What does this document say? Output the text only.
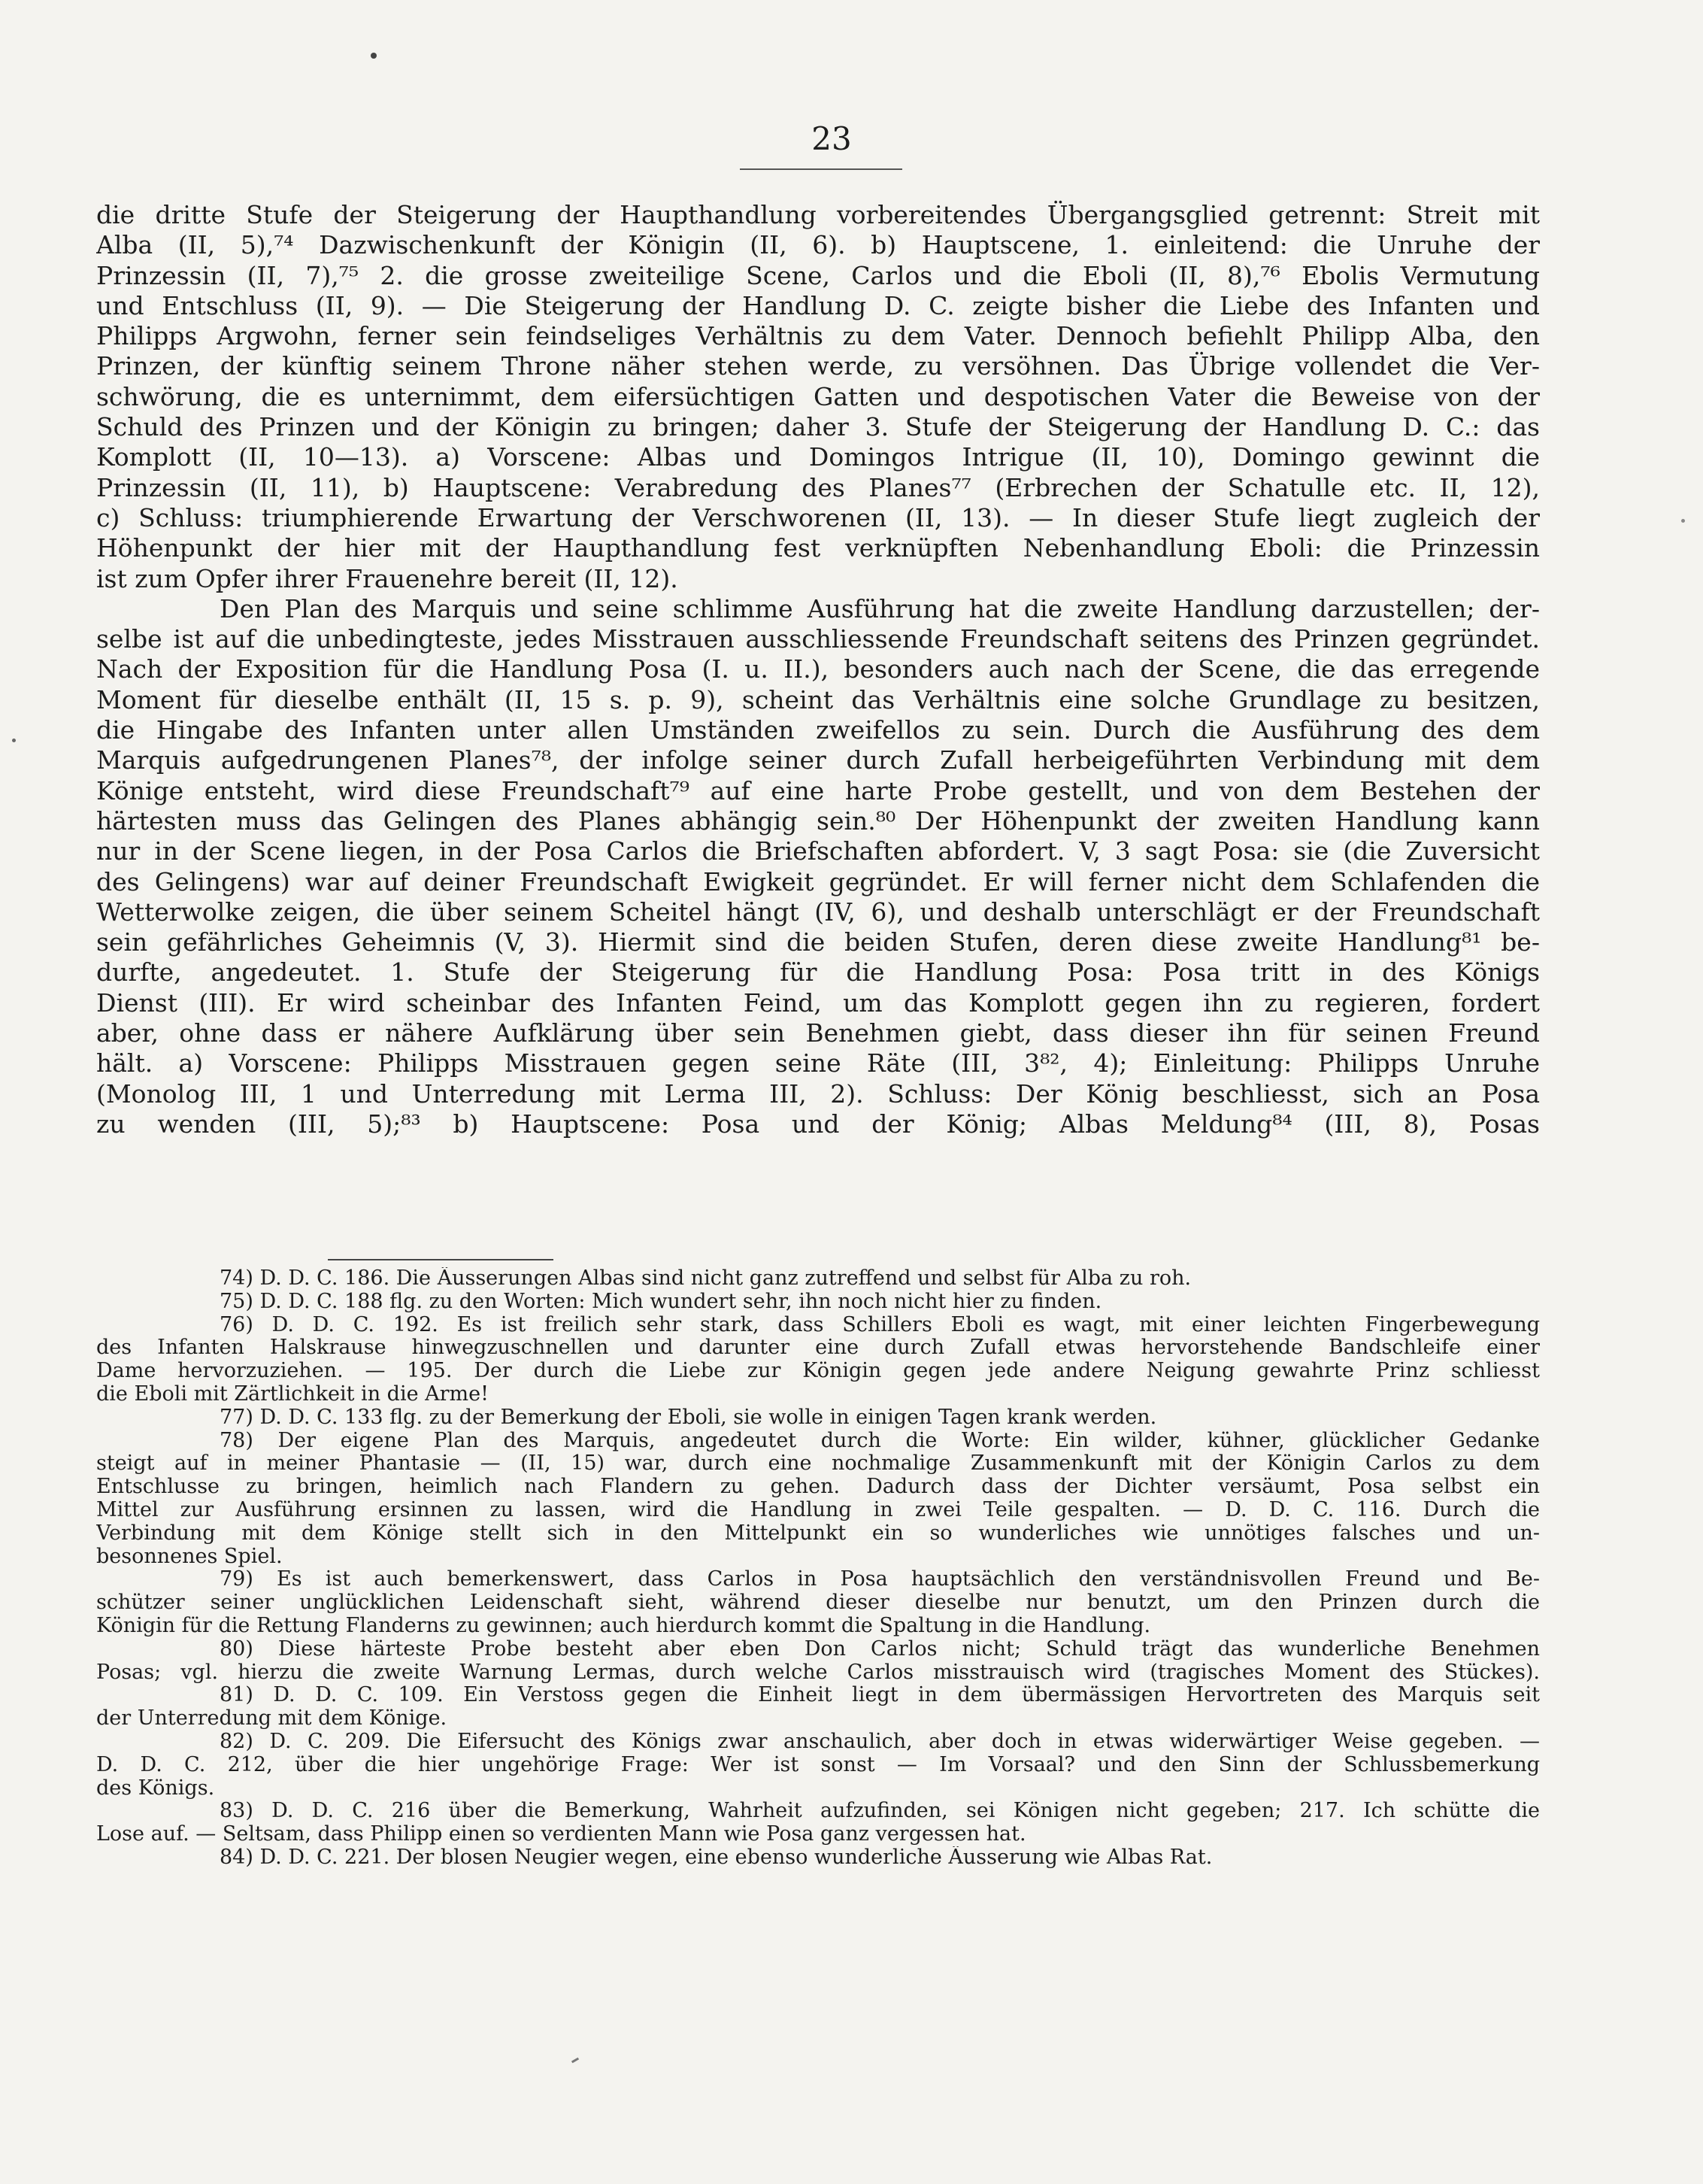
23
die dritte Stufe der Steigerung der Haupthandlung vorbereitendes Übergangsglied getrennt: Streit mit
Alba (II, 5),⁷⁴ Dazwischenkunft der Königin (II, 6). b) Hauptscene, 1. einleitend: die Unruhe der
Prinzessin (II, 7),⁷⁵ 2. die grosse zweiteilige Scene, Carlos und die Eboli (II, 8),⁷⁶ Ebolis Vermutung
und Entschluss (II, 9). — Die Steigerung der Handlung D. C. zeigte bisher die Liebe des Infanten und
Philipps Argwohn, ferner sein feindseliges Verhältnis zu dem Vater. Dennoch befiehlt Philipp Alba, den
Prinzen, der künftig seinem Throne näher stehen werde, zu versöhnen. Das Übrige vollendet die Ver-
schwörung, die es unternimmt, dem eifersüchtigen Gatten und despotischen Vater die Beweise von der
Schuld des Prinzen und der Königin zu bringen; daher 3. Stufe der Steigerung der Handlung D. C.: das
Komplott (II, 10—13). a) Vorscene: Albas und Domingos Intrigue (II, 10), Domingo gewinnt die
Prinzessin (II, 11), b) Hauptscene: Verabredung des Planes⁷⁷ (Erbrechen der Schatulle etc. II, 12),
c) Schluss: triumphierende Erwartung der Verschworenen (II, 13). — In dieser Stufe liegt zugleich der
Höhenpunkt der hier mit der Haupthandlung fest verknüpften Nebenhandlung Eboli: die Prinzessin
ist zum Opfer ihrer Frauenehre bereit (II, 12).
Den Plan des Marquis und seine schlimme Ausführung hat die zweite Handlung darzustellen; der-
selbe ist auf die unbedingteste, jedes Misstrauen ausschliessende Freundschaft seitens des Prinzen gegründet.
Nach der Exposition für die Handlung Posa (I. u. II.), besonders auch nach der Scene, die das erregende
Moment für dieselbe enthält (II, 15 s. p. 9), scheint das Verhältnis eine solche Grundlage zu besitzen,
die Hingabe des Infanten unter allen Umständen zweifellos zu sein. Durch die Ausführung des dem
Marquis aufgedrungenen Planes⁷⁸, der infolge seiner durch Zufall herbeigeführten Verbindung mit dem
Könige entsteht, wird diese Freundschaft⁷⁹ auf eine harte Probe gestellt, und von dem Bestehen der
härtesten muss das Gelingen des Planes abhängig sein.⁸⁰ Der Höhenpunkt der zweiten Handlung kann
nur in der Scene liegen, in der Posa Carlos die Briefschaften abfordert. V, 3 sagt Posa: sie (die Zuversicht
des Gelingens) war auf deiner Freundschaft Ewigkeit gegründet. Er will ferner nicht dem Schlafenden die
Wetterwolke zeigen, die über seinem Scheitel hängt (IV, 6), und deshalb unterschlägt er der Freundschaft
sein gefährliches Geheimnis (V, 3). Hiermit sind die beiden Stufen, deren diese zweite Handlung⁸¹ be-
durfte, angedeutet. 1. Stufe der Steigerung für die Handlung Posa: Posa tritt in des Königs
Dienst (III). Er wird scheinbar des Infanten Feind, um das Komplott gegen ihn zu regieren, fordert
aber, ohne dass er nähere Aufklärung über sein Benehmen giebt, dass dieser ihn für seinen Freund
hält. a) Vorscene: Philipps Misstrauen gegen seine Räte (III, 3⁸², 4); Einleitung: Philipps Unruhe
(Monolog III, 1 und Unterredung mit Lerma III, 2). Schluss: Der König beschliesst, sich an Posa
zu wenden (III, 5);⁸³ b) Hauptscene: Posa und der König; Albas Meldung⁸⁴ (III, 8), Posas
74) D. D. C. 186. Die Äusserungen Albas sind nicht ganz zutreffend und selbst für Alba zu roh.
75) D. D. C. 188 flg. zu den Worten: Mich wundert sehr, ihn noch nicht hier zu finden.
76) D. D. C. 192. Es ist freilich sehr stark, dass Schillers Eboli es wagt, mit einer leichten Fingerbewegung
des Infanten Halskrause hinwegzuschnellen und darunter eine durch Zufall etwas hervorstehende Bandschleife einer
Dame hervorzuziehen. — 195. Der durch die Liebe zur Königin gegen jede andere Neigung gewahrte Prinz schliesst
die Eboli mit Zärtlichkeit in die Arme!
77) D. D. C. 133 flg. zu der Bemerkung der Eboli, sie wolle in einigen Tagen krank werden.
78) Der eigene Plan des Marquis, angedeutet durch die Worte: Ein wilder, kühner, glücklicher Gedanke
steigt auf in meiner Phantasie — (II, 15) war, durch eine nochmalige Zusammenkunft mit der Königin Carlos zu dem
Entschlusse zu bringen, heimlich nach Flandern zu gehen. Dadurch dass der Dichter versäumt, Posa selbst ein
Mittel zur Ausführung ersinnen zu lassen, wird die Handlung in zwei Teile gespalten. — D. D. C. 116. Durch die
Verbindung mit dem Könige stellt sich in den Mittelpunkt ein so wunderliches wie unnötiges falsches und un-
besonnenes Spiel.
79) Es ist auch bemerkenswert, dass Carlos in Posa hauptsächlich den verständnisvollen Freund und Be-
schützer seiner unglücklichen Leidenschaft sieht, während dieser dieselbe nur benutzt, um den Prinzen durch die
Königin für die Rettung Flanderns zu gewinnen; auch hierdurch kommt die Spaltung in die Handlung.
80) Diese härteste Probe besteht aber eben Don Carlos nicht; Schuld trägt das wunderliche Benehmen
Posas; vgl. hierzu die zweite Warnung Lermas, durch welche Carlos misstrauisch wird (tragisches Moment des Stückes).
81) D. D. C. 109. Ein Verstoss gegen die Einheit liegt in dem übermässigen Hervortreten des Marquis seit
der Unterredung mit dem Könige.
82) D. C. 209. Die Eifersucht des Königs zwar anschaulich, aber doch in etwas widerwärtiger Weise gegeben. —
D. D. C. 212, über die hier ungehörige Frage: Wer ist sonst — Im Vorsaal? und den Sinn der Schlussbemerkung
des Königs.
83) D. D. C. 216 über die Bemerkung, Wahrheit aufzufinden, sei Königen nicht gegeben; 217. Ich schütte die
Lose auf. — Seltsam, dass Philipp einen so verdienten Mann wie Posa ganz vergessen hat.
84) D. D. C. 221. Der blosen Neugier wegen, eine ebenso wunderliche Äusserung wie Albas Rat.
